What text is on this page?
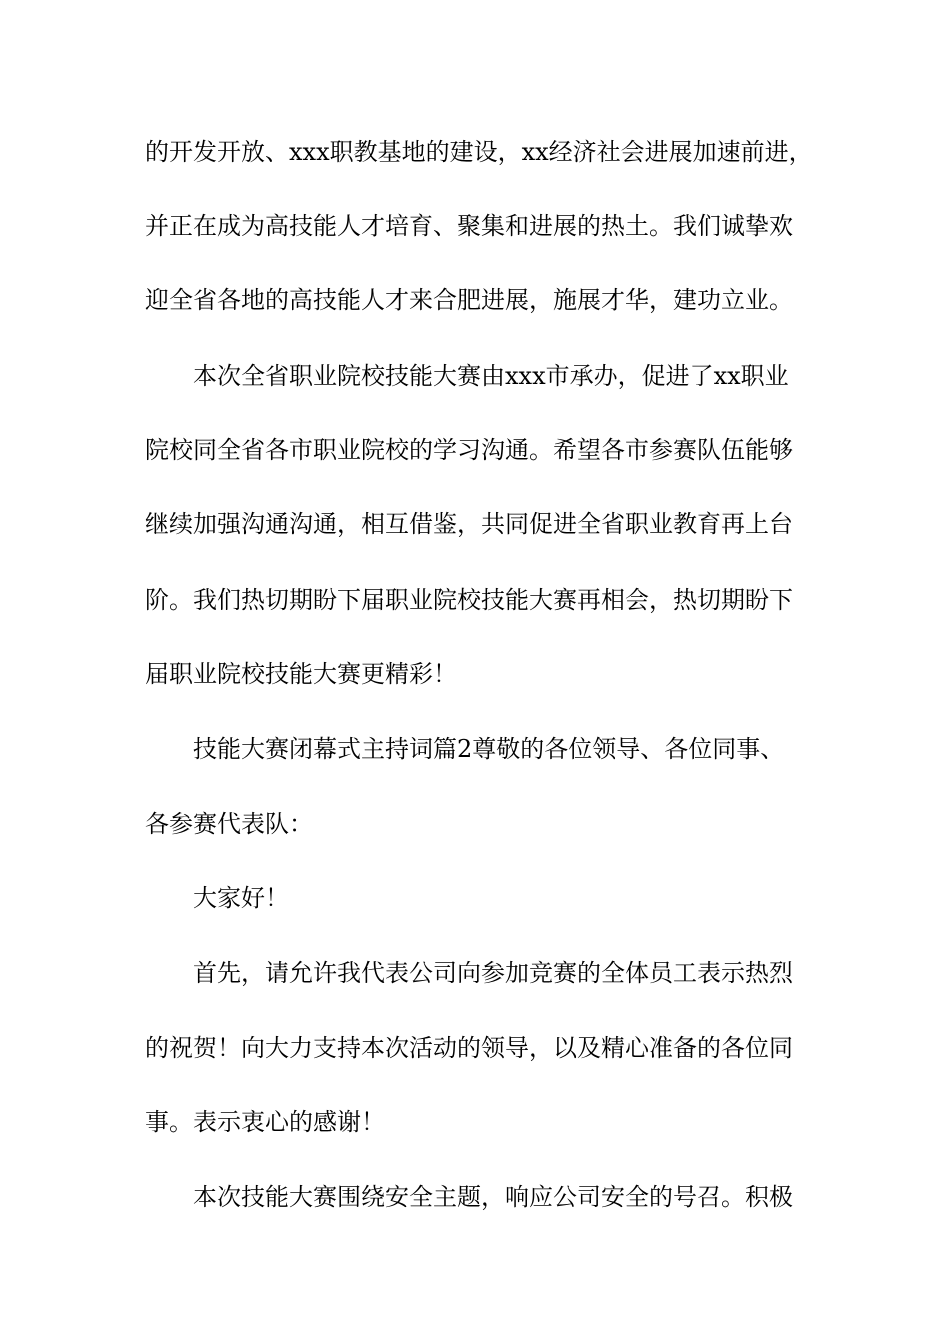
的开发开放、xxx职教基地的建设，xx经济社会进展加速前进，
并正在成为高技能人才培育、聚集和进展的热土。我们诚挚欢
迎全省各地的高技能人才来合肥进展，施展才华，建功立业。
本次全省职业院校技能大赛由xxx市承办，促进了xx职业
院校同全省各市职业院校的学习沟通。希望各市参赛队伍能够
继续加强沟通沟通，相互借鉴，共同促进全省职业教育再上台
阶。我们热切期盼下届职业院校技能大赛再相会，热切期盼下
届职业院校技能大赛更精彩！
技能大赛闭幕式主持词篇2尊敬的各位领导、各位同事、
各参赛代表队：
大家好！
首先，请允许我代表公司向参加竞赛的全体员工表示热烈
的祝贺！向大力支持本次活动的领导，以及精心准备的各位同
事。表示衷心的感谢！
本次技能大赛围绕安全主题，响应公司安全的号召。积极
